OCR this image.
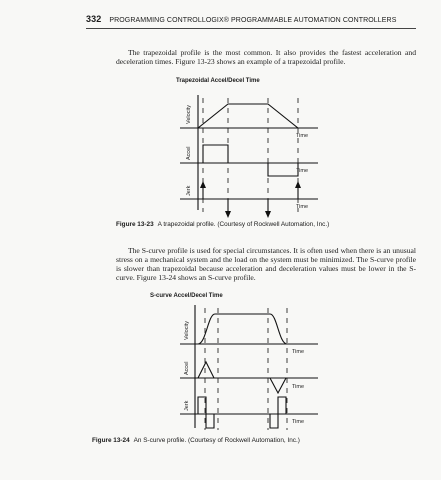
332 PROGRAMMING CONTROLLOGIX® PROGRAMMABLE AUTOMATION CONTROLLERS
The trapezoidal profile is the most common. It also provides the fastest acceleration and deceleration times. Figure 13-23 shows an example of a trapezoidal profile.
Trapezoidal Accel/Decel Time
Velocity
Accel
Jerk
Time
Time
Time
Figure 13-23 A trapezoidal profile. (Courtesy of Rockwell Automation, Inc.)
The S-curve profile is used for special circumstances. It is often used when there is an unusual stress on a mechanical system and the load on the system must be minimized. The S-curve profile is slower than trapezoidal because acceleration and deceleration values must be lower in the S-curve. Figure 13-24 shows an S-curve profile.
S-curve Accel/Decel Time
Velocity
Accel
Jerk
Time
Time
Time
Figure 13-24 An S-curve profile. (Courtesy of Rockwell Automation, Inc.)
